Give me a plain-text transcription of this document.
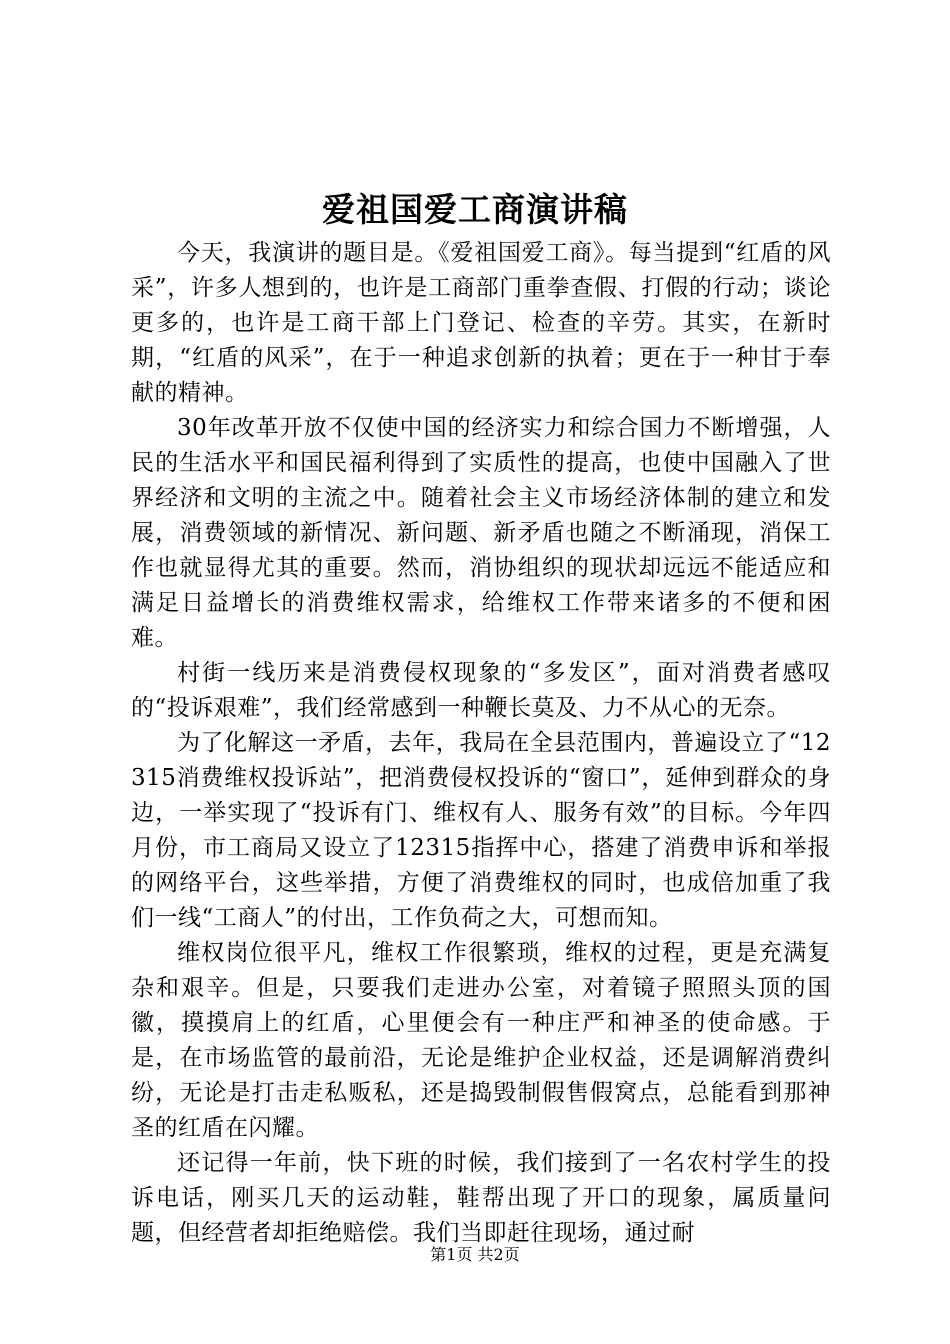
爱祖国爱工商演讲稿

今天，我演讲的题目是。《爱祖国爱工商》。每当提到“红盾的风采”，许多人想到的，也许是工商部门重拳查假、打假的行动；谈论更多的，也许是工商干部上门登记、检查的辛劳。其实，在新时期，“红盾的风采”，在于一种追求创新的执着；更在于一种甘于奉献的精神。

30年改革开放不仅使中国的经济实力和综合国力不断增强，人民的生活水平和国民福利得到了实质性的提高，也使中国融入了世界经济和文明的主流之中。随着社会主义市场经济体制的建立和发展，消费领域的新情况、新问题、新矛盾也随之不断涌现，消保工作也就显得尤其的重要。然而，消协组织的现状却远远不能适应和满足日益增长的消费维权需求，给维权工作带来诸多的不便和困难。

村街一线历来是消费侵权现象的“多发区”，面对消费者感叹的“投诉艰难”，我们经常感到一种鞭长莫及、力不从心的无奈。

为了化解这一矛盾，去年，我局在全县范围内，普遍设立了“12315消费维权投诉站”，把消费侵权投诉的“窗口”，延伸到群众的身边，一举实现了“投诉有门、维权有人、服务有效”的目标。今年四月份，市工商局又设立了12315指挥中心，搭建了消费申诉和举报的网络平台，这些举措，方便了消费维权的同时，也成倍加重了我们一线“工商人”的付出，工作负荷之大，可想而知。

维权岗位很平凡，维权工作很繁琐，维权的过程，更是充满复杂和艰辛。但是，只要我们走进办公室，对着镜子照照头顶的国徽，摸摸肩上的红盾，心里便会有一种庄严和神圣的使命感。于是，在市场监管的最前沿，无论是维护企业权益，还是调解消费纠纷，无论是打击走私贩私，还是捣毁制假售假窝点，总能看到那神圣的红盾在闪耀。

还记得一年前，快下班的时候，我们接到了一名农村学生的投诉电话，刚买几天的运动鞋，鞋帮出现了开口的现象，属质量问题，但经营者却拒绝赔偿。我们当即赶往现场，通过耐

第1页 共2页
